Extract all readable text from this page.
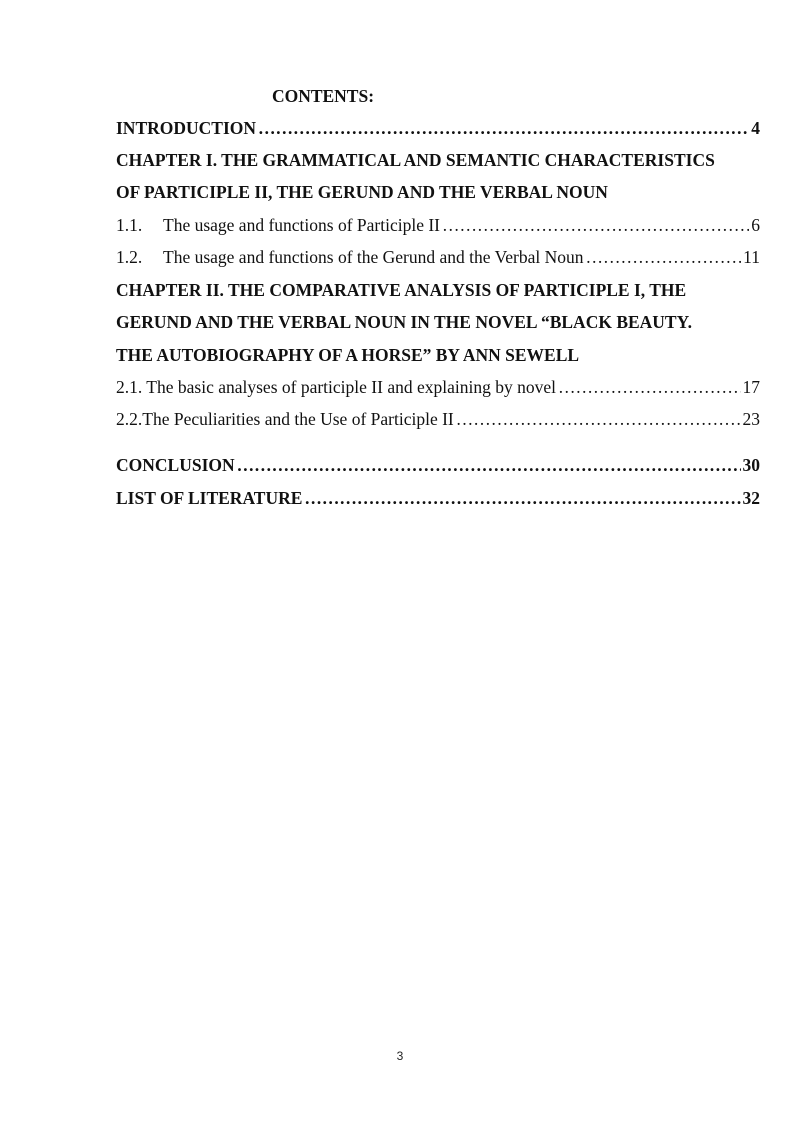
CONTENTS:
INTRODUCTION ……………………………………………………………………………………………………………………………………………………	4
CHAPTER I. THE GRAMMATICAL AND SEMANTIC CHARACTERISTICS
OF PARTICIPLE II, THE GERUND AND THE VERBAL NOUN
1.1. The usage and functions of Participle II ……………………………………………………………………………………………………………………………………………………	6
1.2. The usage and functions of the Gerund and the Verbal Noun ……………………………………………………………………………………………………………………………………………………	11
CHAPTER II. THE COMPARATIVE ANALYSIS OF PARTICIPLE I, THE
GERUND AND THE VERBAL NOUN IN THE NOVEL “BLACK BEAUTY.
THE AUTOBIOGRAPHY OF A HORSE” BY ANN SEWELL
2.1. The basic analyses of participle II and explaining by novel ……………………………………………………………………………………………………………………………………………………	17
2.2.The Peculiarities and the Use of Participle II ……………………………………………………………………………………………………………………………………………………	23
CONCLUSION ……………………………………………………………………………………………………………………………………………………	30
LIST OF LITERATURE ……………………………………………………………………………………………………………………………………………………	32
3
